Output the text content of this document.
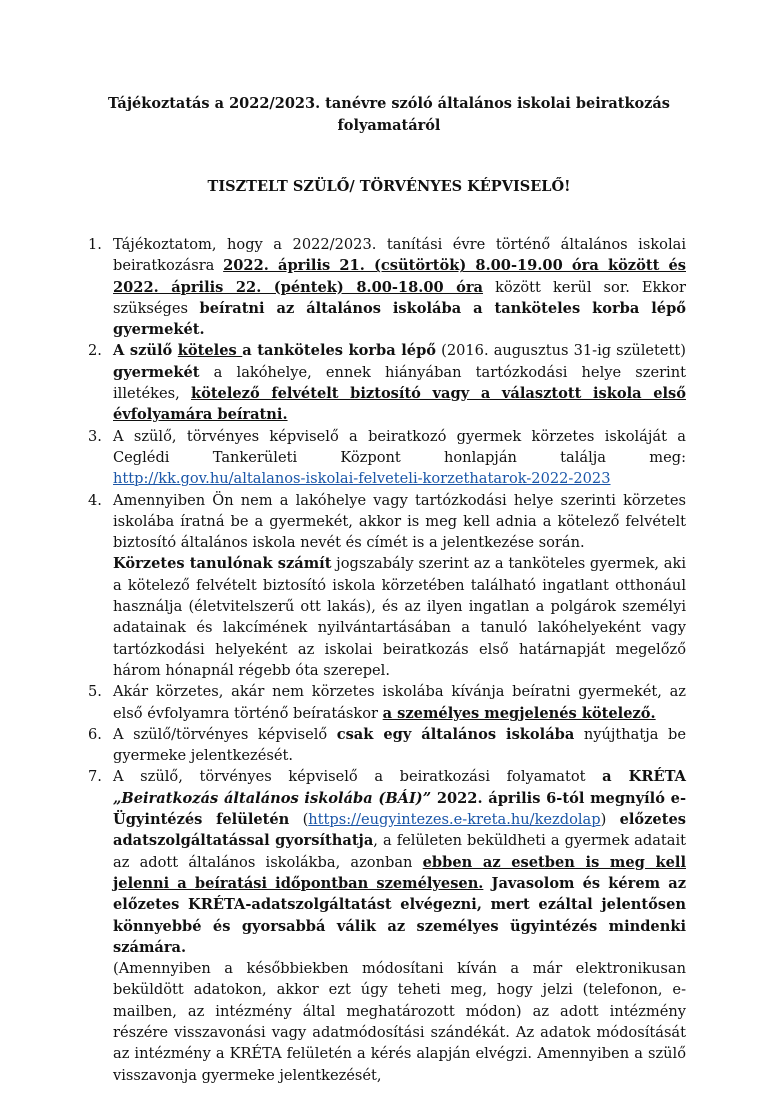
Tájékoztatás a 2022/2023. tanévre szóló általános iskolai beiratkozás folyamatáról

TISZTELT SZÜLŐ/ TÖRVÉNYES KÉPVISELŐ!

1. Tájékoztatom, hogy a 2022/2023. tanítási évre történő általános iskolai beiratkozásra 2022. április 21. (csütörtök) 8.00-19.00 óra között és 2022. április 22. (péntek) 8.00-18.00 óra között kerül sor. Ekkor szükséges beíratni az általános iskolába a tanköteles korba lépő gyermekét.

2. A szülő köteles a tanköteles korba lépő (2016. augusztus 31-ig született) gyermekét a lakóhelye, ennek hiányában tartózkodási helye szerint illetékes, kötelező felvételt biztosító vagy a választott iskola első évfolyamára beíratni.

3. A szülő, törvényes képviselő a beiratkozó gyermek körzetes iskoláját a Ceglédi Tankerületi Központ honlapján találja meg: http://kk.gov.hu/altalanos-iskolai-felveteli-korzethatarok-2022-2023

4. Amennyiben Ön nem a lakóhelye vagy tartózkodási helye szerinti körzetes iskolába íratná be a gyermekét, akkor is meg kell adnia a kötelező felvételt biztosító általános iskola nevét és címét is a jelentkezése során.

Körzetes tanulónak számít jogszabály szerint az a tanköteles gyermek, aki a kötelező felvételt biztosító iskola körzetében található ingatlant otthonául használja (életvitelszerű ott lakás), és az ilyen ingatlan a polgárok személyi adatainak és lakcímének nyilvántartásában a tanuló lakóhelyeként vagy tartózkodási helyeként az iskolai beiratkozás első határnapját megelőző három hónapnál régebb óta szerepel.

5. Akár körzetes, akár nem körzetes iskolába kívánja beíratni gyermekét, az első évfolyamra történő beíratáskor a személyes megjelenés kötelező.

6. A szülő/törvényes képviselő csak egy általános iskolába nyújthatja be gyermeke jelentkezését.

7. A szülő, törvényes képviselő a beiratkozási folyamatot a KRÉTA „Beiratkozás általános iskolába (BÁI)” 2022. április 6-tól megnyíló e-Ügyintézés felületén (https://eugyintezes.e-kreta.hu/kezdolap) előzetes adatszolgáltatással gyorsíthatja, a felületen beküldheti a gyermek adatait az adott általános iskolákba, azonban ebben az esetben is meg kell jelenni a beíratási időpontban személyesen. Javasolom és kérem az előzetes KRÉTA-adatszolgáltatást elvégezni, mert ezáltal jelentősen könnyebbé és gyorsabbá válik az személyes ügyintézés mindenki számára.

(Amennyiben a későbbiekben módosítani kíván a már elektronikusan beküldött adatokon, akkor ezt úgy teheti meg, hogy jelzi (telefonon, e-mailben, az intézmény által meghatározott módon) az adott intézmény részére visszavonási vagy adatmódosítási szándékát. Az adatok módosítását az intézmény a KRÉTA felületén a kérés alapján elvégzi. Amennyiben a szülő visszavonja gyermeke jelentkezését,
